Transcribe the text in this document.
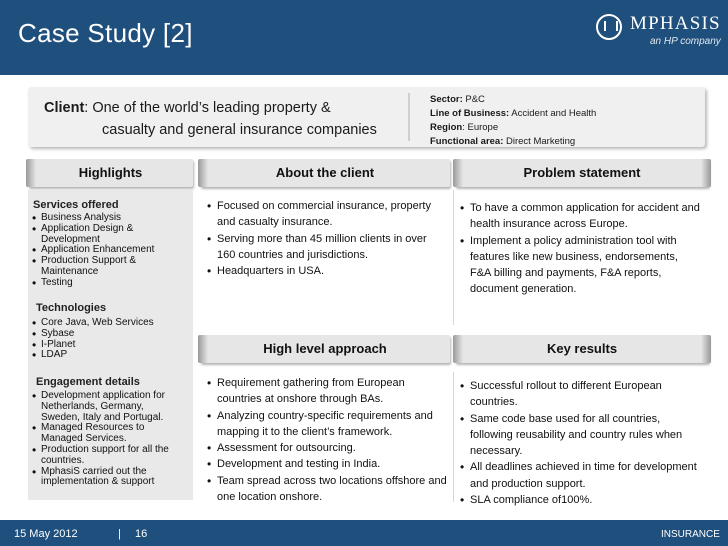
Case Study [2]	MPHASIS
an HP company
Client: One of the world’s leading property &
casualty and general insurance companies
Sector: P&C
Line of Business: Accident and Health
Region: Europe
Functional area: Direct Marketing
Highlights	About the client	Problem statement
High level approach	Key results
Services offered
• Business Analysis
• Application Design & Development
• Application Enhancement
• Production Support & Maintenance
• Testing
Technologies
• Core Java, Web Services
• Sybase
• I-Planet
• LDAP
Engagement details
• Development application for Netherlands, Germany, Sweden, Italy and Portugal.
• Managed Resources to Managed Services.
• Production support for all the countries.
• MphasiS carried out the implementation & support
• Focused on commercial insurance, property and casualty insurance.
• Serving more than 45 million clients in over 160 countries and jurisdictions.
• Headquarters in USA.
• To have a common application for accident and health insurance across Europe.
• Implement a policy administration tool with features like new business, endorsements, F&A billing and payments, F&A reports, document generation.
• Requirement gathering from European countries at onshore through BAs.
• Analyzing country-specific requirements and mapping it to the client’s framework.
• Assessment for outsourcing.
• Development and testing in India.
• Team spread across two locations offshore and one location onshore.
• Successful rollout to different European countries.
• Same code base used for all countries, following reusability and country rules when necessary.
• All deadlines achieved in time for development and production support.
• SLA compliance of100%.
15 May 2012	| 16	INSURANCE
